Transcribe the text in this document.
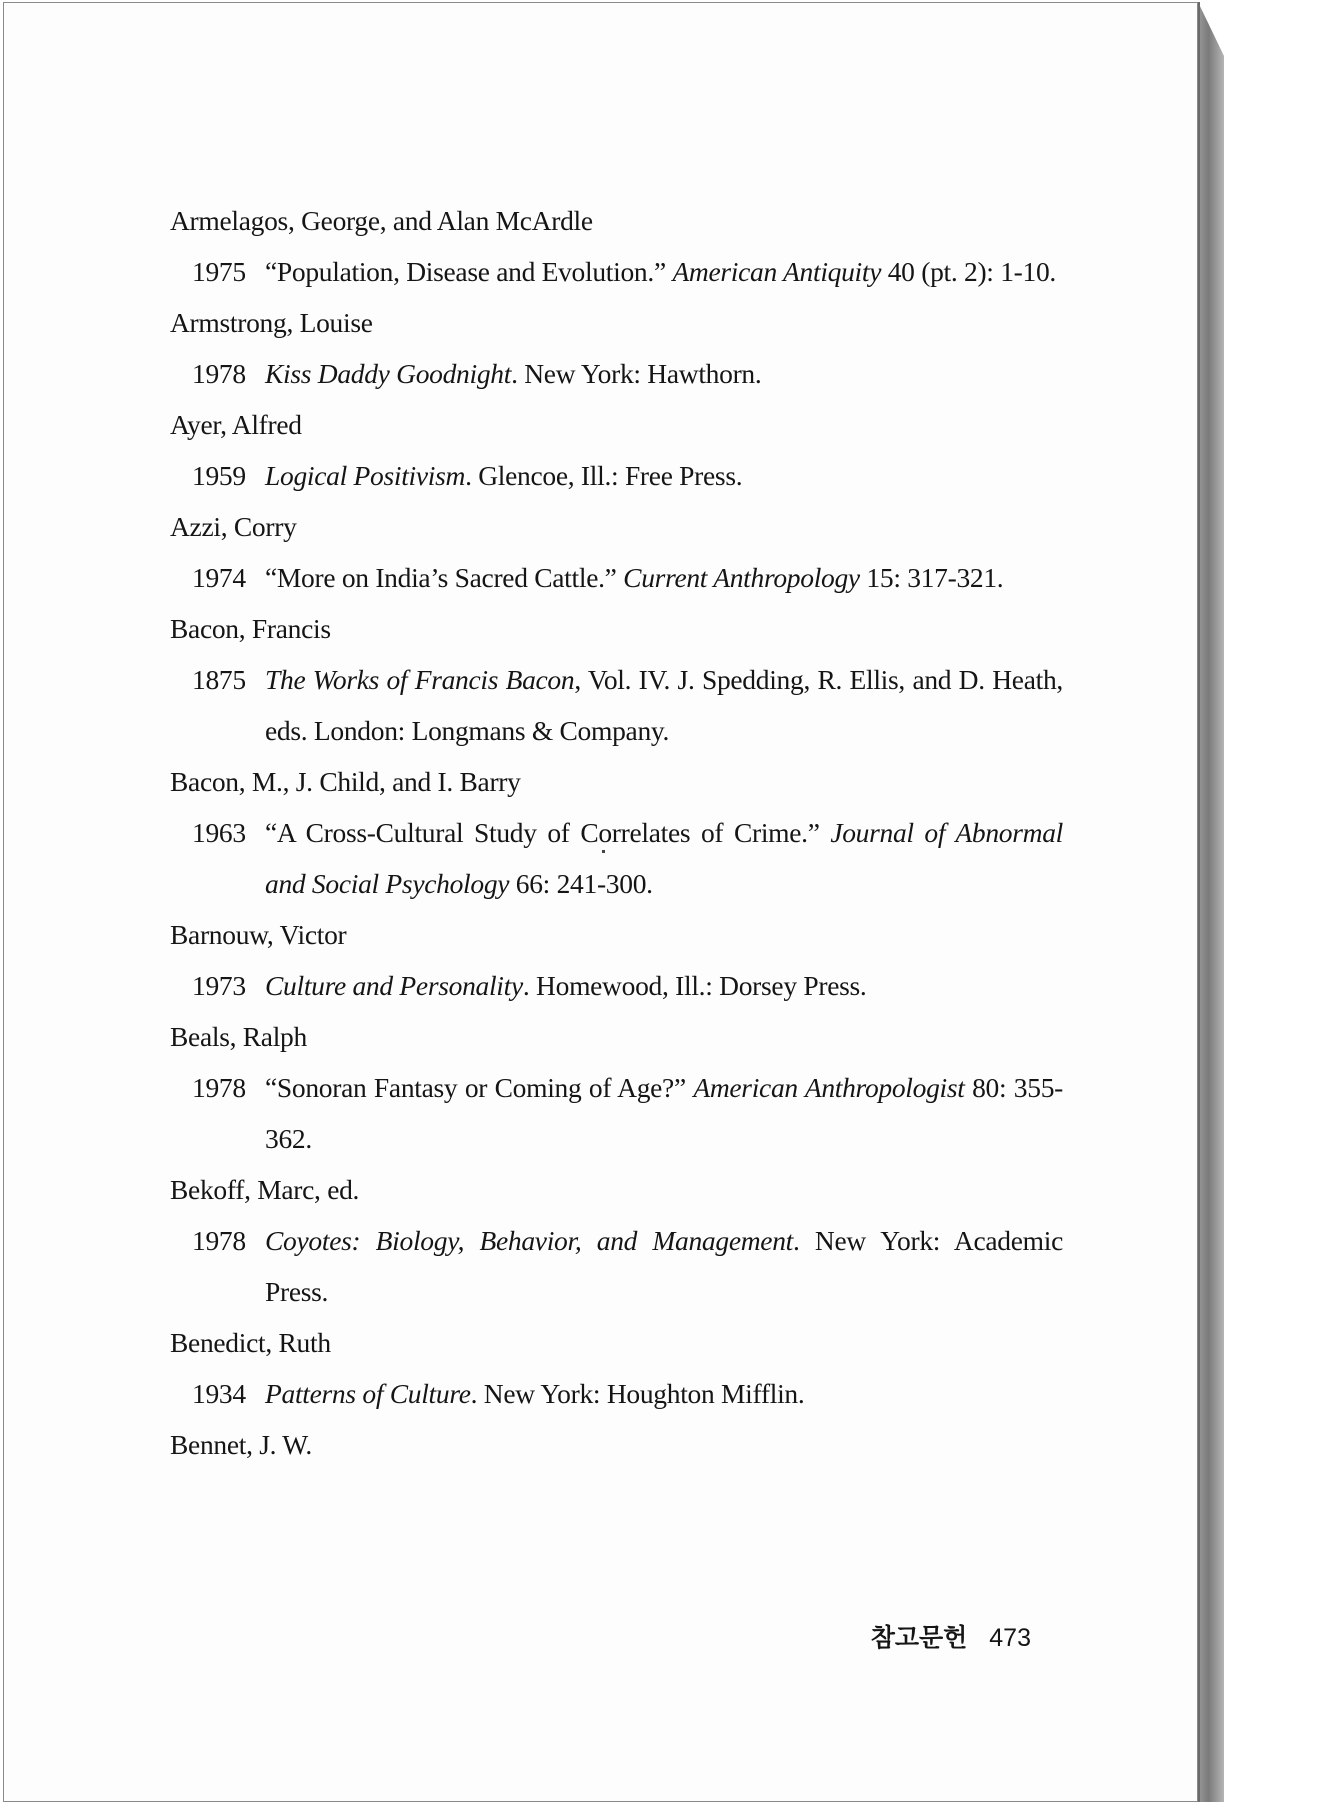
Armelagos, George, and Alan McArdle
1975 “Population, Disease and Evolution.” American Antiquity 40 (pt. 2): 1-10.
Armstrong, Louise
1978 Kiss Daddy Goodnight. New York: Hawthorn.
Ayer, Alfred
1959 Logical Positivism. Glencoe, Ill.: Free Press.
Azzi, Corry
1974 “More on India’s Sacred Cattle.” Current Anthropology 15: 317-321.
Bacon, Francis
1875 The Works of Francis Bacon, Vol. IV. J. Spedding, R. Ellis, and D. Heath, eds. London: Longmans & Company.
Bacon, M., J. Child, and I. Barry
1963 “A Cross-Cultural Study of Correlates of Crime.” Journal of Abnormal and Social Psychology 66: 241-300.
Barnouw, Victor
1973 Culture and Personality. Homewood, Ill.: Dorsey Press.
Beals, Ralph
1978 “Sonoran Fantasy or Coming of Age?” American Anthropologist 80: 355-362.
Bekoff, Marc, ed.
1978 Coyotes: Biology, Behavior, and Management. New York: Academic Press.
Benedict, Ruth
1934 Patterns of Culture. New York: Houghton Mifflin.
Bennet, J. W.
참고문헌 473
